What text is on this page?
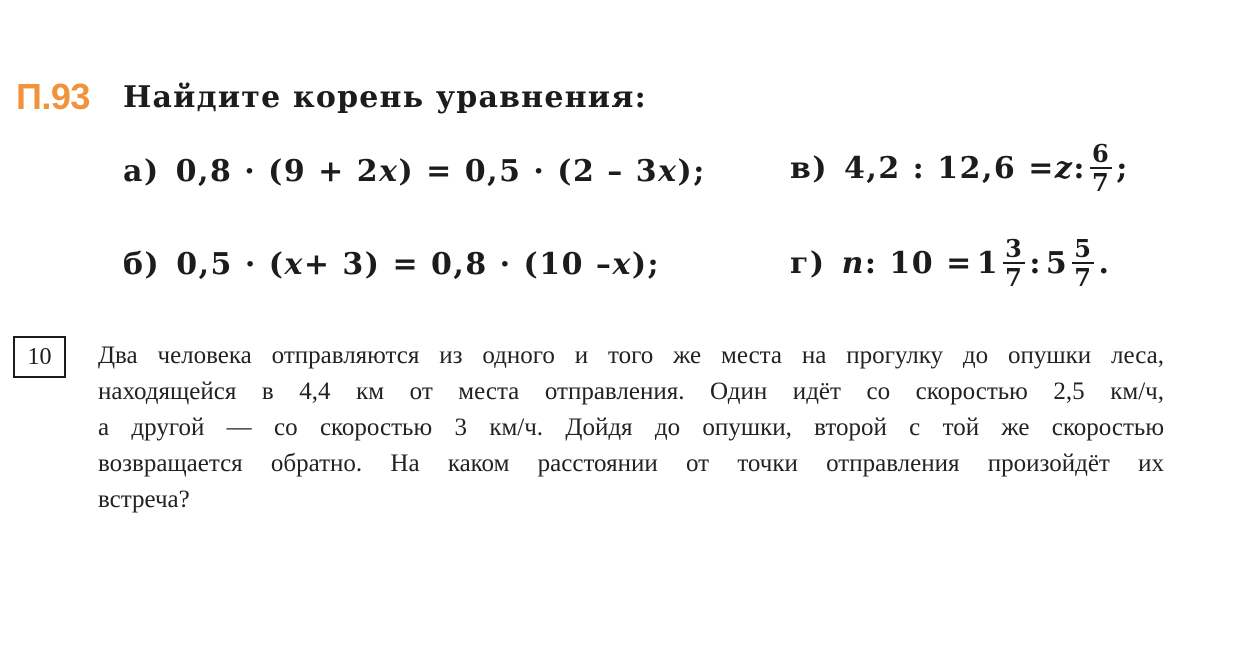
П.93 Найдите корень уравнения:
а) 0,8 · (9 + 2 x ) = 0,5 · (2 – 3 x );
б) 0,5 · ( x + 3) = 0,8 · (10 – x );
в) 4,2 : 12,6 = z : $\frac{6}{7}$ ;
г) n : $10 = 1 \frac{3}{7}$ : $5 \frac{5}{7}$ .
10	Два человека отправляются из одного и того же места на прогулку до опушки леса,
находящейся в 4,4 км от места отправления. Один идёт со скоростью 2,5 км/ч,
а другой — со скоростью 3 км/ч. Дойдя до опушки, второй с той же скоростью
возвращается обратно. На каком расстоянии от точки отправления произойдёт их
встреча?
